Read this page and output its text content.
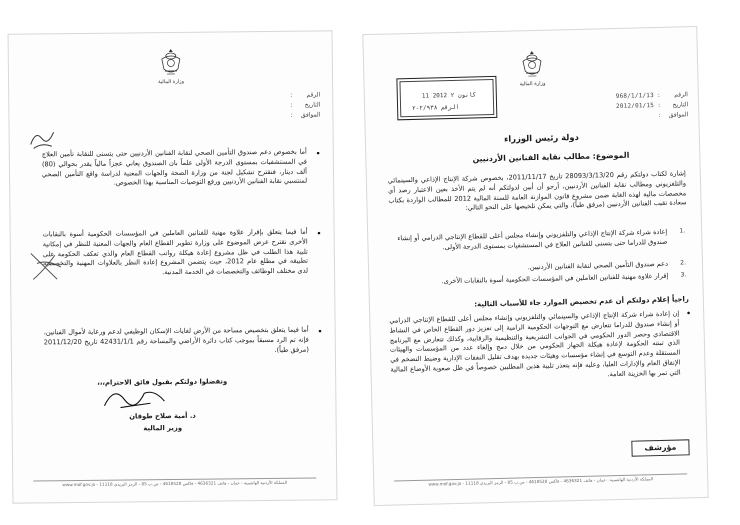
وزارة المالية
الرقم:
التاريخ:
الموافق:
•
أما بخصوص دعم صندوق التأمين الصحي لنقابة الفنانين الأردنيين حتى يتسنى للنقابة تأمين العلاج في المستشفيات بمستوى الدرجة الأولى علماً بان الصندوق يعاني عجزاً مالياً يقدر بحوالي (80) ألف دينار، فنقترح تشكيل لجنة من وزارة الصحة والجهات المعنية لدراسة واقع التأمين الصحي لمنتسبي نقابة الفنانين الأردنيين ورفع التوصيات المناسبة بهذا الخصوص.
•
أما فيما يتعلق بإقرار علاوة مهنية للفنانين العاملين في المؤسسات الحكومية أسوة بالنقابات الأخرى نقترح عرض الموضوع على وزارة تطوير القطاع العام والجهات المعنية للنظر في إمكانية تلبية هذا الطلب في ظل مشروع إعادة هيكلة رواتب القطاع العام والذي تعكف الحكومة على تطبيقه في مطلع عام 2012، حيث يتضمن المشروع إعادة النظر بالعلاوات المهنية والتخصصية لدى مختلف الوظائف والتخصصات في الخدمة المدنية.
•
أما فيما يتعلق بتخصيص مساحة من الأرض لغايات الإسكان الوظيفي لدعم ورعاية لأموال الفنانين، فإنه تم الرد مسبقاً بموجب كتاب دائرة الأراضي والمساحة رقم 42431/1/1 تاريخ 2011/12/20 (مرفق طياً).
وتفضلوا دولتكم بقبول فائق الاحترام،،،
د. أمية صلاح طوقان
وزير المالية
المملكة الأردنية الهاشمية - عمان - هاتف 4636321 - فاكس 4618528 - ص.ب 85 - الرمز البريدي 11118 - www.mof.gov.jo
وزارة المالية
11 كانون ٢ 2012
الرقم ۲/۹۳۸-۲
الرقم:968/1/1/13
التاريخ:2012/01/15
الموافق:
دولة رئيس الوزراء
الموضوع: مطالب نقابة الفنانين الأردنيين
إشارة لكتاب دولتكم رقم 28093/3/13/20 تاريخ 2011/11/17، بخصوص شركة الإنتاج الإذاعي والسينمائي والتلفزيوني ومطالب نقابة الفنانين الأردنيين، أرجو أن أبين لدولتكم أنه لم يتم الأخذ بعين الاعتبار رصد أي مخصصات مالية لهذه الغاية ضمن مشروع قانون الموازنة العامة للسنة المالية 2012 للمطالب الواردة بكتاب سعادة نقيب الفنانين الأردنيين (مرفق طياً)، والتي يمكن تلخيصها على النحو التالي:
إعادة شراء شركة الإنتاج الإذاعي والتلفزيوني وإنشاء مجلس أعلى للقطاع الإنتاجي الدرامي أو إنشاء صندوق للدراما حتى يتسنى للفنانين العلاج في المستشفيات بمستوى الدرجة الأولى.
1.
دعم صندوق التأمين الصحي لنقابة الفنانين الأردنيين. 2.
إقرار علاوة مهنية للفنانين العاملين في المؤسسات الحكومية أسوة بالنقابات الأخرى. 3.
راجياً إعلام دولتكم أن عدم تخصيص الموارد جاء للأسباب التالية:
•
إن إعادة شراء شركة الإنتاج الإذاعي والسينمائي والتلفزيوني وإنشاء مجلس أعلى للقطاع الإنتاجي الدرامي أو إنشاء صندوق للدراما تتعارض مع التوجهات الحكومية الرامية إلى تعزيز دور القطاع الخاص في النشاط الاقتصادي وحصر الدور الحكومي في الجوانب التشريعية والتنظيمية والرقابية، وكذلك تتعارض مع البرنامج الذي تبنته الحكومة لإعادة هيكلة الجهاز الحكومي من خلال دمج وإلغاء عدد من المؤسسات والهيئات المستقلة وعدم التوسع في إنشاء مؤسسات وهيئات جديدة بهدف تقليل النفقات الإدارية وضبط التضخم في الإنفاق العام والإدارات العليا، وعليه فإنه يتعذر تلبية هذين المطلبين خصوصاً في ظل صعوبة الأوضاع المالية التي تمر بها الخزينة العامة.
مؤرشف
المملكة الأردنية الهاشمية - عمان - هاتف 4636321 - فاكس 4618528 - ص.ب 85 - الرمز البريدي 11118 - www.mof.gov.jo
